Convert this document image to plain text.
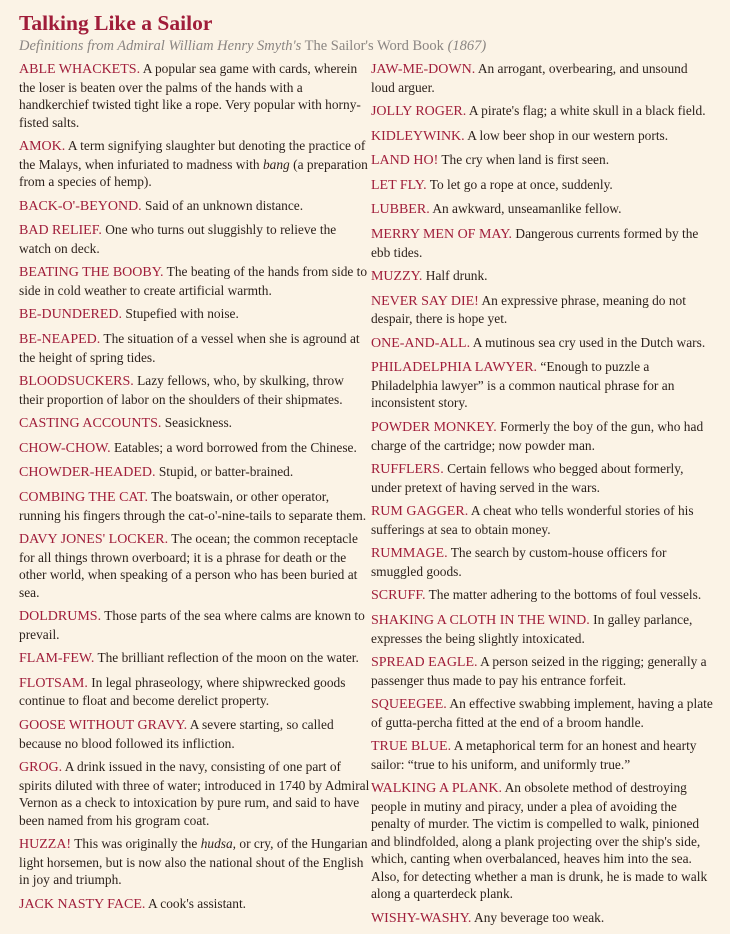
Talking Like a Sailor

Definitions from Admiral William Henry Smyth's The Sailor's Word Book (1867)

ABLE WHACKETS. A popular sea game with cards, wherein the loser is beaten over the palms of the hands with a handkerchief twisted tight like a rope. Very popular with horny-fisted salts.

AMOK. A term signifying slaughter but denoting the practice of the Malays, when infuriated to madness with bang (a preparation from a species of hemp).

BACK-O'-BEYOND. Said of an unknown distance.

BAD RELIEF. One who turns out sluggishly to relieve the watch on deck.

BEATING THE BOOBY. The beating of the hands from side to side in cold weather to create artificial warmth.

BE-DUNDERED. Stupefied with noise.

BE-NEAPED. The situation of a vessel when she is aground at the height of spring tides.

BLOODSUCKERS. Lazy fellows, who, by skulking, throw their proportion of labor on the shoulders of their shipmates.

CASTING ACCOUNTS. Seasickness.

CHOW-CHOW. Eatables; a word borrowed from the Chinese.

CHOWDER-HEADED. Stupid, or batter-brained.

COMBING THE CAT. The boatswain, or other operator, running his fingers through the cat-o'-nine-tails to separate them.

DAVY JONES' LOCKER. The ocean; the common receptacle for all things thrown overboard; it is a phrase for death or the other world, when speaking of a person who has been buried at sea.

DOLDRUMS. Those parts of the sea where calms are known to prevail.

FLAM-FEW. The brilliant reflection of the moon on the water.

FLOTSAM. In legal phraseology, where shipwrecked goods continue to float and become derelict property.

GOOSE WITHOUT GRAVY. A severe starting, so called because no blood followed its infliction.

GROG. A drink issued in the navy, consisting of one part of spirits diluted with three of water; introduced in 1740 by Admiral Vernon as a check to intoxication by pure rum, and said to have been named from his grogram coat.

HUZZA! This was originally the hudsa, or cry, of the Hungarian light horsemen, but is now also the national shout of the English in joy and triumph.

JACK NASTY FACE. A cook's assistant.

JAW-ME-DOWN. An arrogant, overbearing, and unsound loud arguer.

JOLLY ROGER. A pirate's flag; a white skull in a black field.

KIDLEYWINK. A low beer shop in our western ports.

LAND HO! The cry when land is first seen.

LET FLY. To let go a rope at once, suddenly.

LUBBER. An awkward, unseamanlike fellow.

MERRY MEN OF MAY. Dangerous currents formed by the ebb tides.

MUZZY. Half drunk.

NEVER SAY DIE! An expressive phrase, meaning do not despair, there is hope yet.

ONE-AND-ALL. A mutinous sea cry used in the Dutch wars.

PHILADELPHIA LAWYER. “Enough to puzzle a Philadelphia lawyer” is a common nautical phrase for an inconsistent story.

POWDER MONKEY. Formerly the boy of the gun, who had charge of the cartridge; now powder man.

RUFFLERS. Certain fellows who begged about formerly, under pretext of having served in the wars.

RUM GAGGER. A cheat who tells wonderful stories of his sufferings at sea to obtain money.

RUMMAGE. The search by custom-house officers for smuggled goods.

SCRUFF. The matter adhering to the bottoms of foul vessels.

SHAKING A CLOTH IN THE WIND. In galley parlance, expresses the being slightly intoxicated.

SPREAD EAGLE. A person seized in the rigging; generally a passenger thus made to pay his entrance forfeit.

SQUEEGEE. An effective swabbing implement, having a plate of gutta-percha fitted at the end of a broom handle.

TRUE BLUE. A metaphorical term for an honest and hearty sailor: “true to his uniform, and uniformly true.”

WALKING A PLANK. An obsolete method of destroying people in mutiny and piracy, under a plea of avoiding the penalty of murder. The victim is compelled to walk, pinioned and blindfolded, along a plank projecting over the ship's side, which, canting when overbalanced, heaves him into the sea. Also, for detecting whether a man is drunk, he is made to walk along a quarterdeck plank.

WISHY-WASHY. Any beverage too weak.
